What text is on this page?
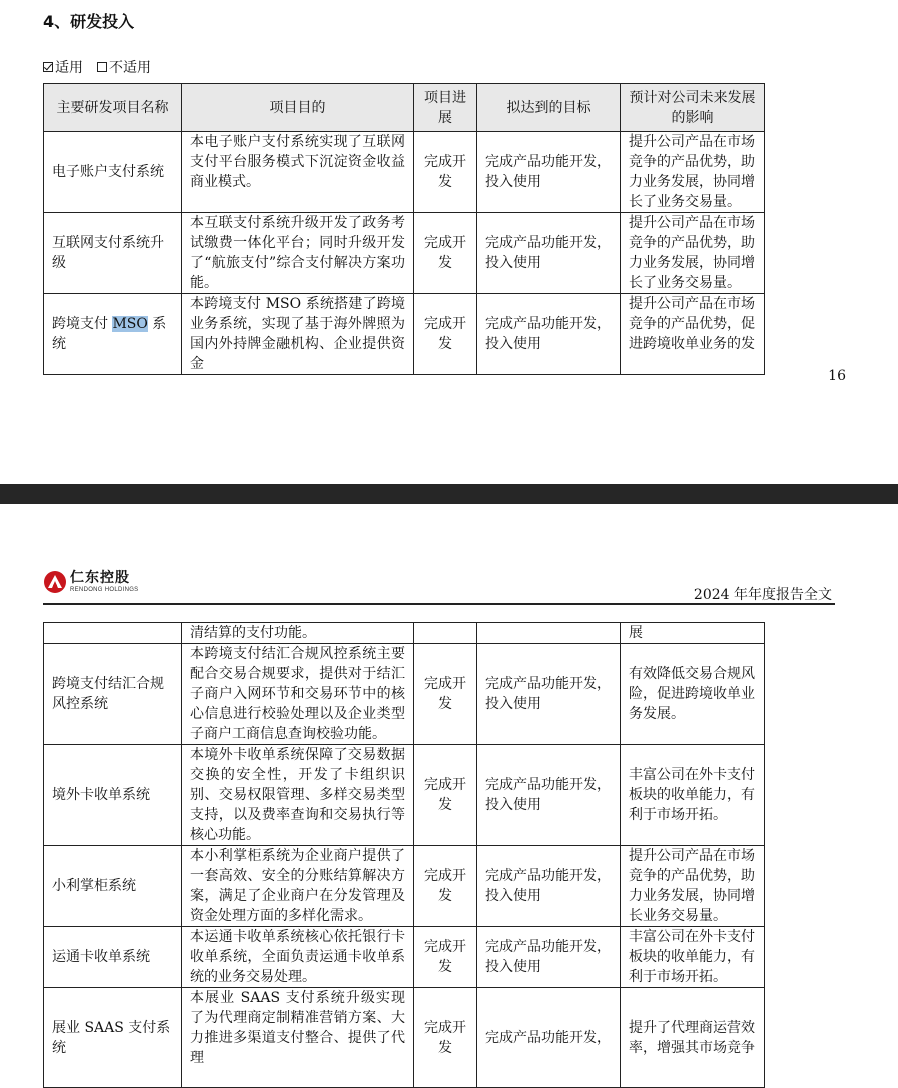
4、研发投入
适用 不适用
主要研发项目名称	项目目的	项目进展	拟达到的目标	预计对公司未来发展的影响
电子账户支付系统	本电子账户支付系统实现了互联网支付平台服务模式下沉淀资金收益商业模式。	完成开发	完成产品功能开发，投入使用	提升公司产品在市场竞争的产品优势，助力业务发展，协同增长了业务交易量。
互联网支付系统升级	本互联支付系统升级开发了政务考试缴费一体化平台；同时升级开发了“航旅支付”综合支付解决方案功能。	完成开发	完成产品功能开发，投入使用	提升公司产品在市场竞争的产品优势，助力业务发展，协同增长了业务交易量。
跨境支付 MSO 系统	本跨境支付 MSO 系统搭建了跨境业务系统，实现了基于海外牌照为国内外持牌金融机构、企业提供资金	完成开发	完成产品功能开发，投入使用	提升公司产品在市场竞争的产品优势，促进跨境收单业务的发
16
仁东控股
RENDONG HOLDINGS	2024 年年度报告全文
	清结算的支付功能。			展
跨境支付结汇合规风控系统	本跨境支付结汇合规风控系统主要配合交易合规要求，提供对于结汇子商户入网环节和交易环节中的核心信息进行校验处理以及企业类型子商户工商信息查询校验功能。	完成开发	完成产品功能开发，投入使用	有效降低交易合规风险，促进跨境收单业务发展。
境外卡收单系统	本境外卡收单系统保障了交易数据交换的安全性，开发了卡组织识别、交易权限管理、多样交易类型支持，以及费率查询和交易执行等核心功能。	完成开发	完成产品功能开发，投入使用	丰富公司在外卡支付板块的收单能力，有利于市场开拓。
小利掌柜系统	本小利掌柜系统为企业商户提供了一套高效、安全的分账结算解决方案，满足了企业商户在分发管理及资金处理方面的多样化需求。	完成开发	完成产品功能开发，投入使用	提升公司产品在市场竞争的产品优势，助力业务发展，协同增长业务交易量。
运通卡收单系统	本运通卡收单系统核心依托银行卡收单系统，全面负责运通卡收单系统的业务交易处理。	完成开发	完成产品功能开发，投入使用	丰富公司在外卡支付板块的收单能力，有利于市场开拓。
展业 SAAS 支付系统	本展业 SAAS 支付系统升级实现了为代理商定制精准营销方案、大力推进多渠道支付整合、提供了代理	完成开发	完成产品功能开发，	提升了代理商运营效率，增强其市场竞争
